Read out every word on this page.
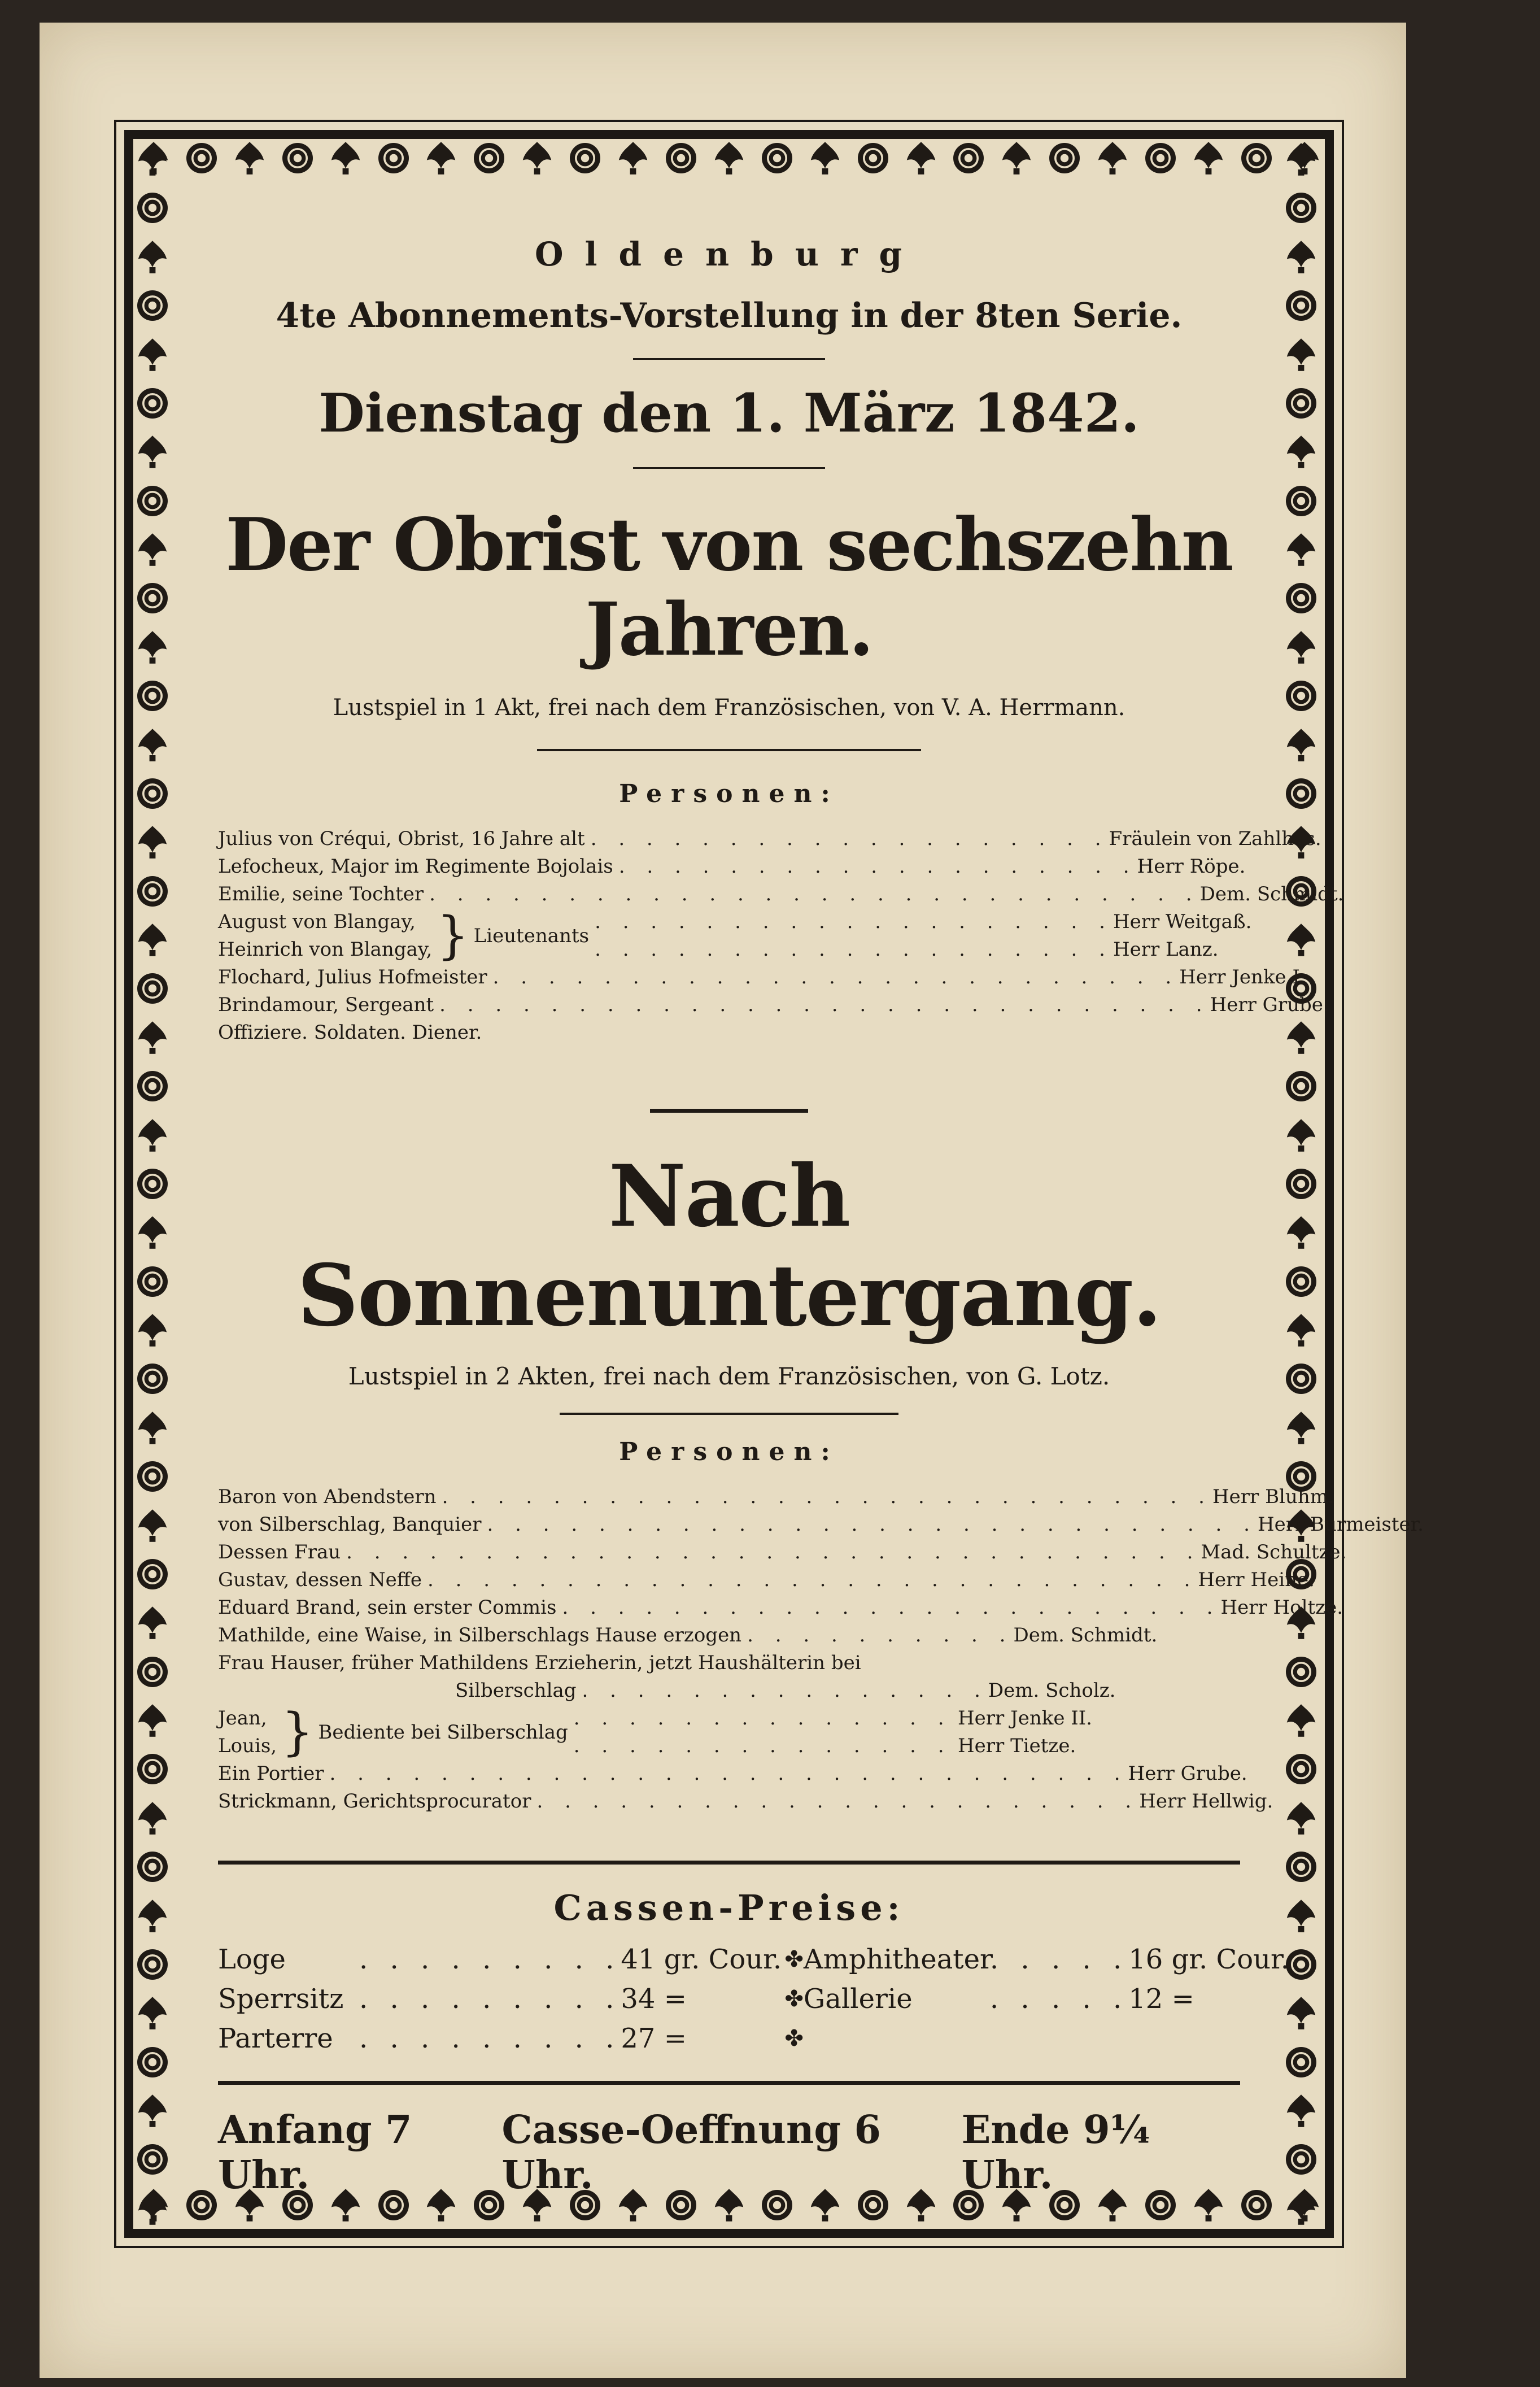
Oldenburg
4te Abonnements-Vorstellung in der 8ten Serie.
Dienstag den 1. März 1842.
Der Obrist von sechszehn Jahren.
Lustspiel in 1 Akt, frei nach dem Französischen, von V. A. Herrmann.
Personen:
Julius von Créqui, Obrist, 16 Jahre alt . . . . . . . . . . . . . . . . . . . Fräulein von Zahlhas.
Lefocheux, Major im Regimente Bojolais . . . . . . . . . . . . . . . . . . . Herr Röpe.
Emilie, seine Tochter . . . . . . . . . . . . . . . . . . . . . . . . . . . . Dem. Schmidt.
August von Blangay,
Heinrich von Blangay, } Lieutenants
. . . . . . . . . . . . . . . . . . .
. . . . . . . . . . . . . . . . . . .
Herr Weitgaß.
Herr Lanz.
Flochard, Julius Hofmeister . . . . . . . . . . . . . . . . . . . . . . . . . Herr Jenke I.
Brindamour, Sergeant . . . . . . . . . . . . . . . . . . . . . . . . . . . . Herr Grube.
Offiziere. Soldaten. Diener.
Nach Sonnenuntergang.
Lustspiel in 2 Akten, frei nach dem Französischen, von G. Lotz.
Personen:
Baron von Abendstern . . . . . . . . . . . . . . . . . . . . . . . . . . . . Herr Bluhm.
von Silberschlag, Banquier . . . . . . . . . . . . . . . . . . . . . . . . . . . . Herr Burmeister.
Dessen Frau . . . . . . . . . . . . . . . . . . . . . . . . . . . . . . . Mad. Schultze.
Gustav, dessen Neffe . . . . . . . . . . . . . . . . . . . . . . . . . . . . Herr Heine.
Eduard Brand, sein erster Commis . . . . . . . . . . . . . . . . . . . . . . . . Herr Holtze.
Mathilde, eine Waise, in Silberschlags Hause erzogen . . . . . . . . . . Dem. Schmidt.
Frau Hauser, früher Mathildens Erzieherin, jetzt Haushälterin bei
Silberschlag . . . . . . . . . . . . . . . Dem. Scholz.
Jean,
Louis, } Bediente bei Silberschlag
. . . . . . . . . . . . . .
. . . . . . . . . . . . . .
Herr Jenke II.
Herr Tietze.
Ein Portier . . . . . . . . . . . . . . . . . . . . . . . . . . . . . Herr Grube.
Strickmann, Gerichtsprocurator . . . . . . . . . . . . . . . . . . . . . . Herr Hellwig.
Cassen-Preise:
Loge	. . . . . . . . . 41 gr. Cour.
Sperrsitz . . . . . . . . . 34 =
Parterre . . . . . . . . . 27 =
✤
✤
✤
Amphitheater
. . . . . 16 gr. Cour.
Gallerie	. . . . . 12 =
Anfang 7 Uhr.
Casse-Oeffnung 6 Uhr.
Ende 9¼ Uhr.
